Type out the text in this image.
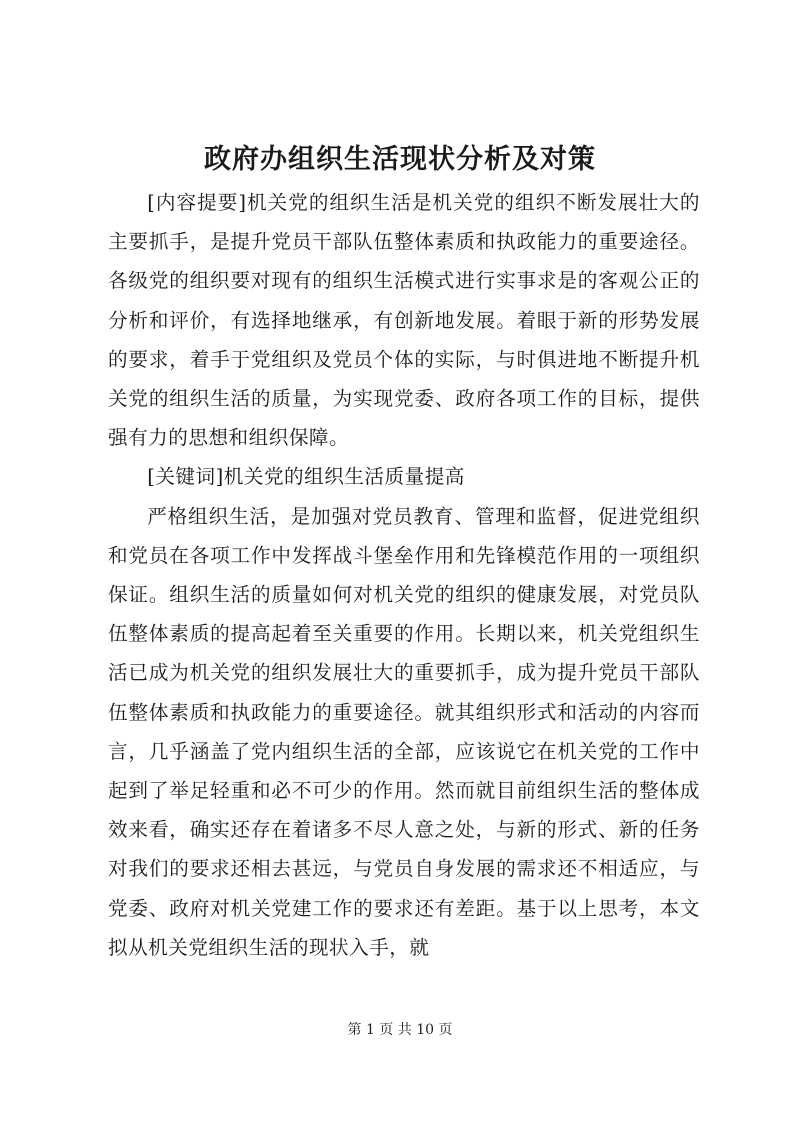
政府办组织生活现状分析及对策

[内容提要]机关党的组织生活是机关党的组织不断发展壮大的主要抓手，是提升党员干部队伍整体素质和执政能力的重要途径。各级党的组织要对现有的组织生活模式进行实事求是的客观公正的分析和评价，有选择地继承，有创新地发展。着眼于新的形势发展的要求，着手于党组织及党员个体的实际，与时俱进地不断提升机关党的组织生活的质量，为实现党委、政府各项工作的目标，提供强有力的思想和组织保障。

[关键词]机关党的组织生活质量提高

严格组织生活，是加强对党员教育、管理和监督，促进党组织和党员在各项工作中发挥战斗堡垒作用和先锋模范作用的一项组织保证。组织生活的质量如何对机关党的组织的健康发展，对党员队伍整体素质的提高起着至关重要的作用。长期以来，机关党组织生活已成为机关党的组织发展壮大的重要抓手，成为提升党员干部队伍整体素质和执政能力的重要途径。就其组织形式和活动的内容而言，几乎涵盖了党内组织生活的全部，应该说它在机关党的工作中起到了举足轻重和必不可少的作用。然而就目前组织生活的整体成效来看，确实还存在着诸多不尽人意之处，与新的形式、新的任务对我们的要求还相去甚远，与党员自身发展的需求还不相适应，与党委、政府对机关党建工作的要求还有差距。基于以上思考，本文拟从机关党组织生活的现状入手，就

第 1 页 共 10 页
